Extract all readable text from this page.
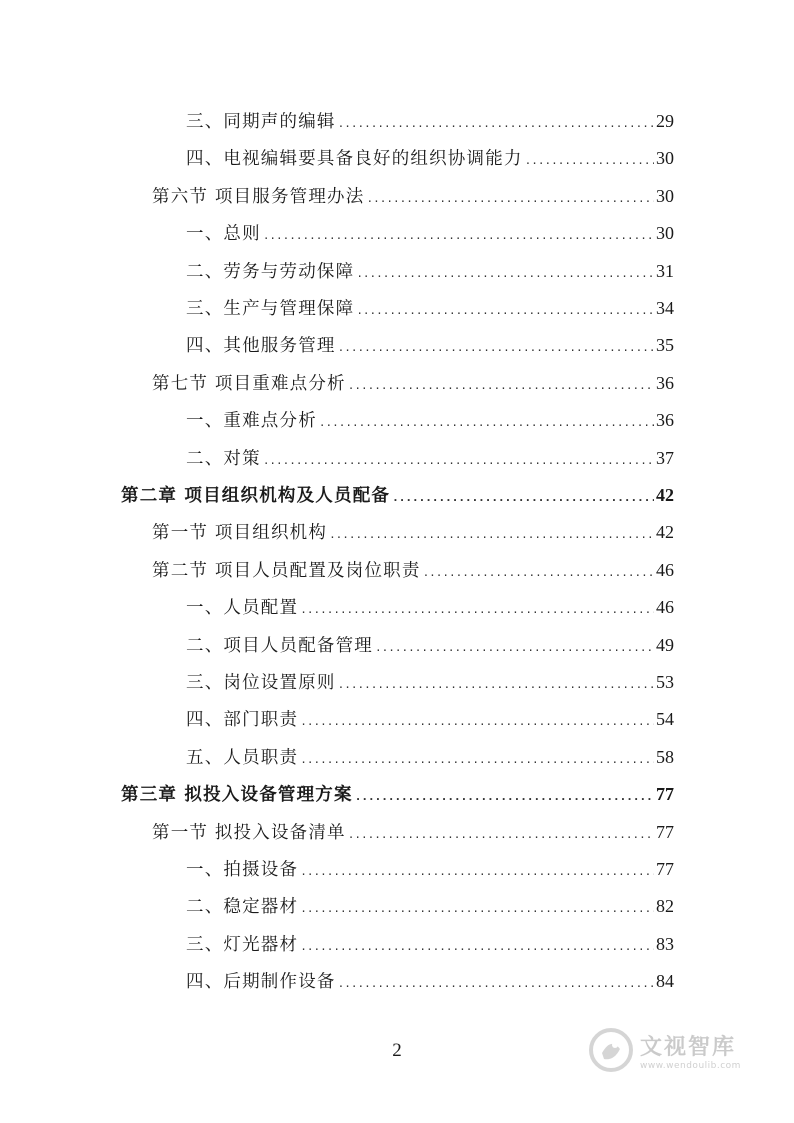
三、同期声的编辑 .....	29
四、电视编辑要具备良好的组织协调能力 .....	30
第六节 项目服务管理办法 .....	30
一、总则 .....	30
二、劳务与劳动保障 .....	31
三、生产与管理保障 .....	34
四、其他服务管理 .....	35
第七节 项目重难点分析 .....	36
一、重难点分析 .....	36
二、对策 .....	37
第二章 项目组织机构及人员配备 .....	42
第一节 项目组织机构 .....	42
第二节 项目人员配置及岗位职责 .....	46
一、人员配置 .....	46
二、项目人员配备管理 .....	49
三、岗位设置原则 .....	53
四、部门职责 .....	54
五、人员职责 .....	58
第三章 拟投入设备管理方案 .....	77
第一节 拟投入设备清单 .....	77
一、拍摄设备 .....	77
二、稳定器材 .....	82
三、灯光器材 .....	83
四、后期制作设备 .....	84
2	文视智库
www.wendoulib.com
